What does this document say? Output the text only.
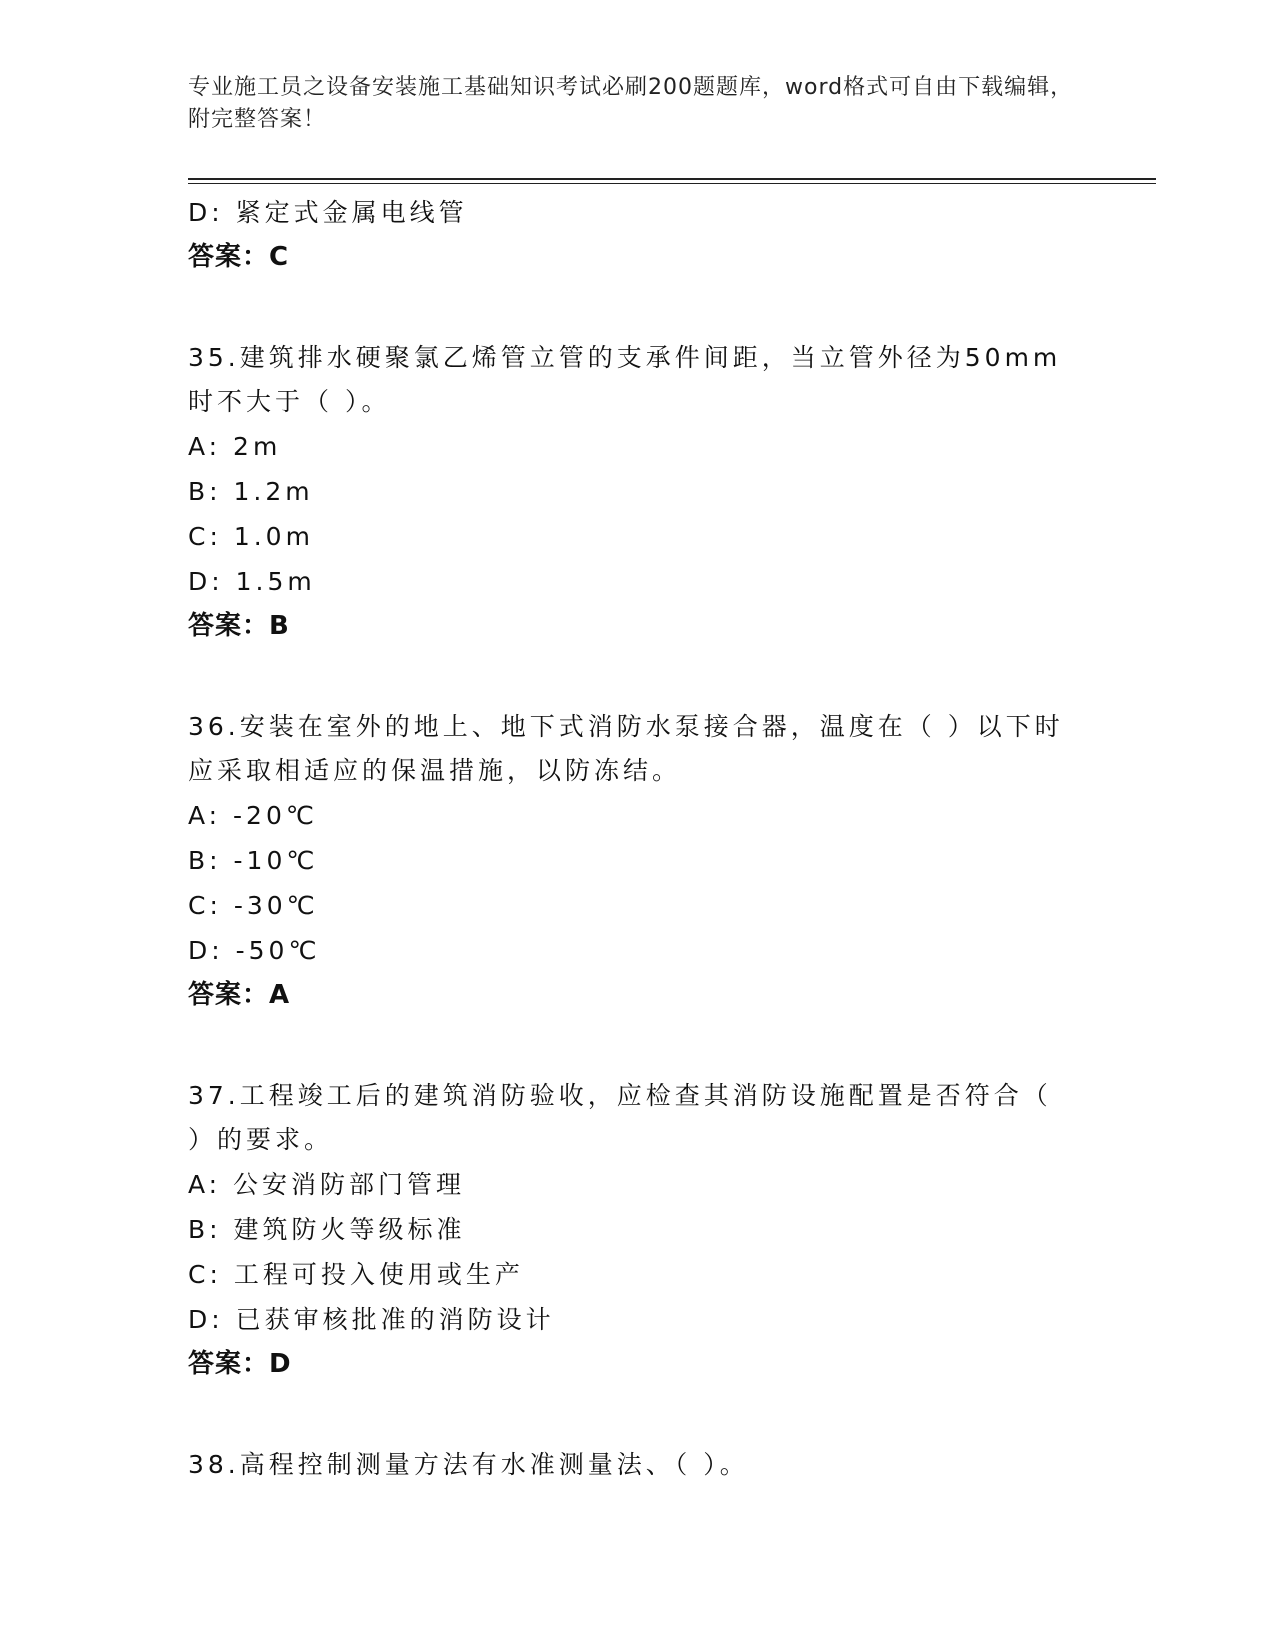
专业施工员之设备安装施工基础知识考试必刷200题题库，word格式可自由下载编辑，附完整答案！
D: 紧定式金属电线管
答案：C
35.建筑排水硬聚氯乙烯管立管的支承件间距，当立管外径为50mm时不大于（ ）。
A: 2m
B: 1.2m
C: 1.0m
D: 1.5m
答案：B
36.安装在室外的地上、地下式消防水泵接合器，温度在（ ）以下时应采取相适应的保温措施，以防冻结。
A: -20℃
B: -10℃
C: -30℃
D: -50℃
答案：A
37.工程竣工后的建筑消防验收，应检查其消防设施配置是否符合（ ）的要求。
A: 公安消防部门管理
B: 建筑防火等级标准
C: 工程可投入使用或生产
D: 已获审核批准的消防设计
答案：D
38.高程控制测量方法有水准测量法、（ ）。
